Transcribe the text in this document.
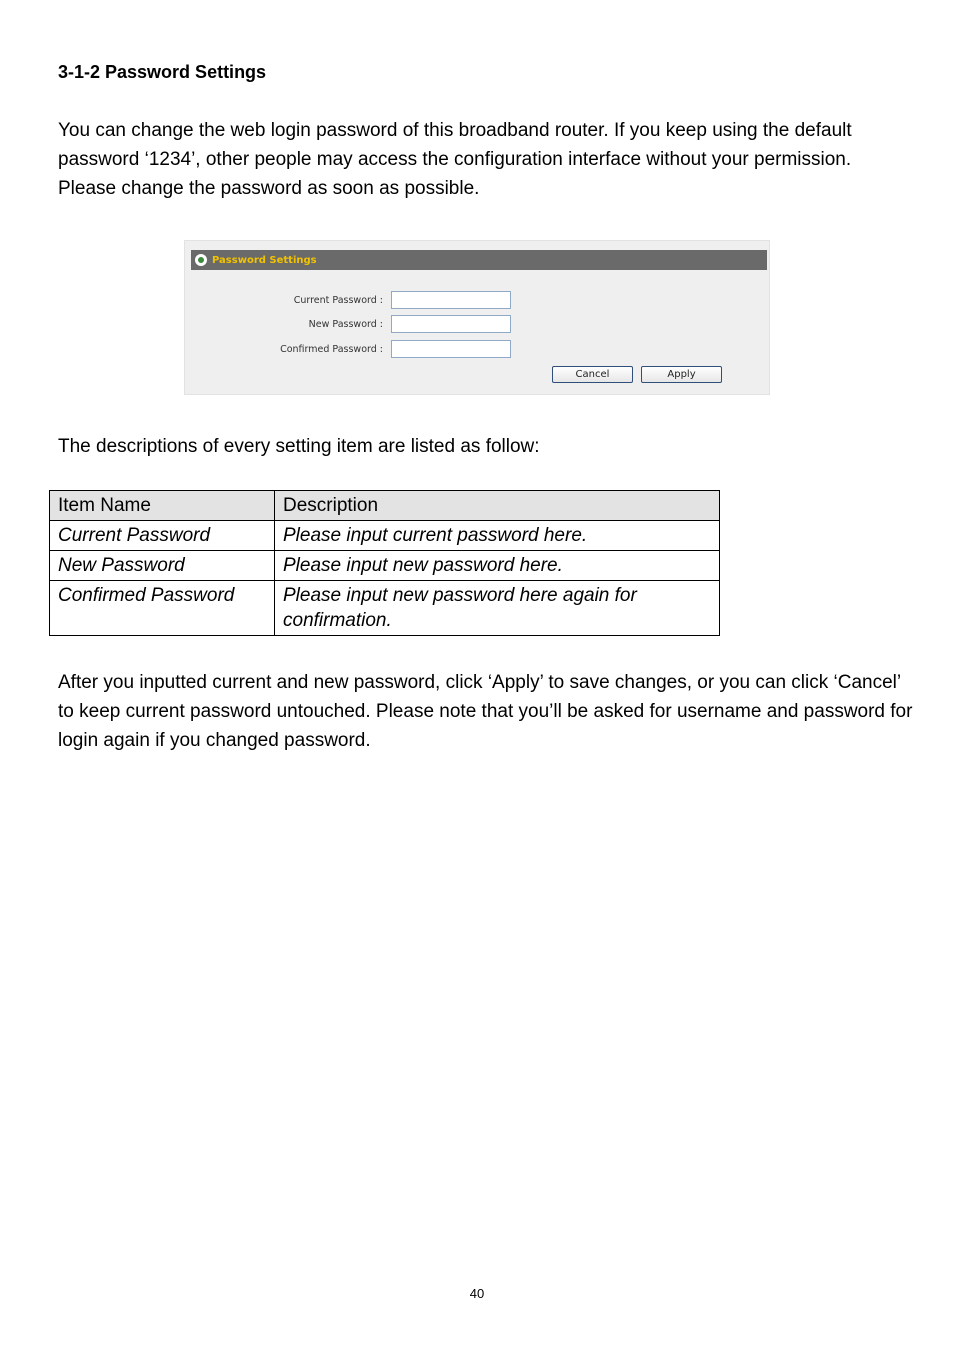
3-1-2 Password Settings

You can change the web login password of this broadband router. If you keep using the default password ‘1234’, other people may access the configuration interface without your permission. Please change the password as soon as possible.

Password Settings
Current Password :
New Password :
Confirmed Password :
Cancel	Apply

The descriptions of every setting item are listed as follow:

Item Name	Description
Current Password	Please input current password here.
New Password	Please input new password here.
Confirmed Password	Please input new password here again for confirmation.

After you inputted current and new password, click ‘Apply’ to save changes, or you can click ‘Cancel’ to keep current password untouched. Please note that you’ll be asked for username and password for login again if you changed password.

40
